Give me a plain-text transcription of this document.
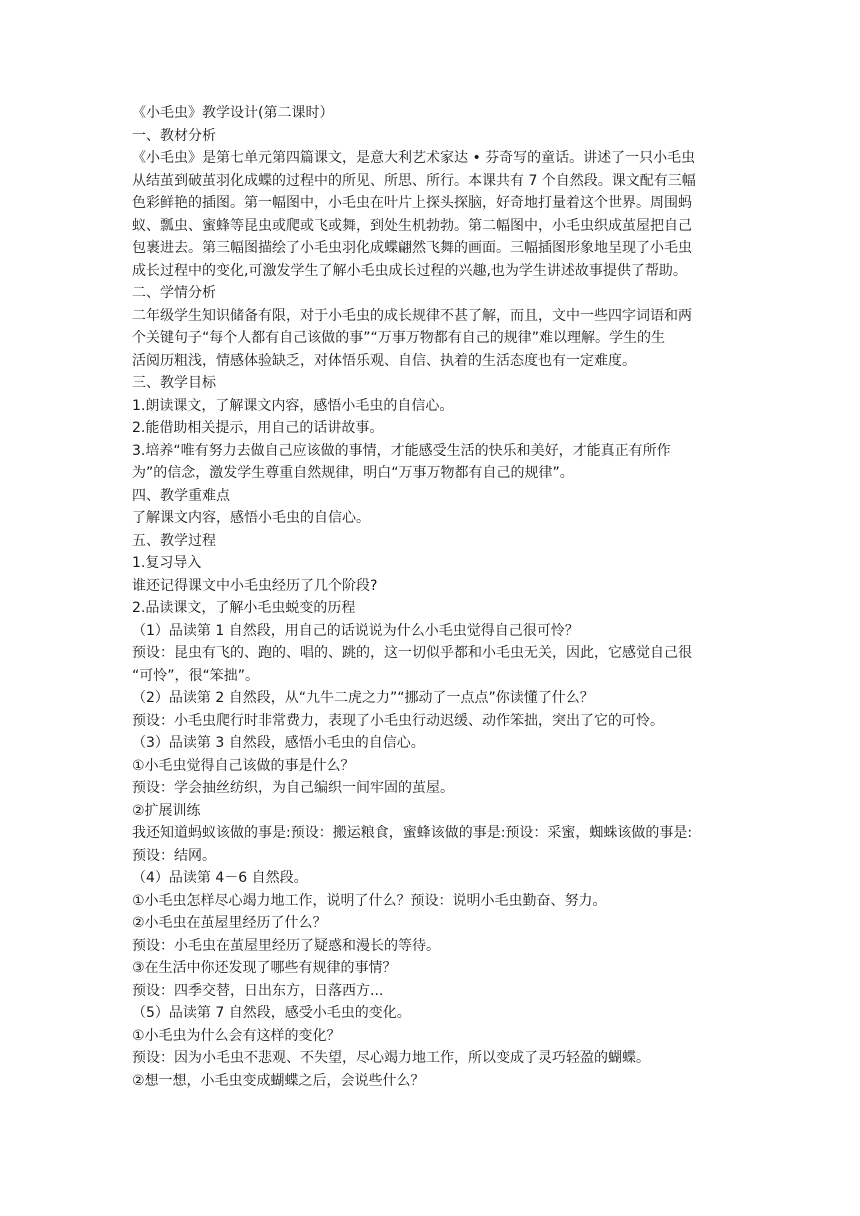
《小毛虫》教学设计(第二课时）
一、教材分析
《小毛虫》是第七单元第四篇课文，是意大利艺术家达 • 芬奇写的童话。讲述了一只小毛虫
从结茧到破茧羽化成蝶的过程中的所见、所思、所行。本课共有 7 个自然段。课文配有三幅
色彩鲜艳的插图。第一幅图中，小毛虫在叶片上探头探脑，好奇地打量着这个世界。周围蚂
蚁、瓢虫、蜜蜂等昆虫或爬或飞或舞，到处生机勃勃。第二幅图中，小毛虫织成茧屋把自己
包裹进去。第三幅图描绘了小毛虫羽化成蝶翩然飞舞的画面。三幅插图形象地呈现了小毛虫
成长过程中的变化,可激发学生了解小毛虫成长过程的兴趣,也为学生讲述故事提供了帮助。
二、学情分析
二年级学生知识储备有限，对于小毛虫的成长规律不甚了解，而且，文中一些四字词语和两
个关键句子“每个人都有自己该做的事”“万事万物都有自己的规律”难以理解。学生的生
活阅历粗浅，情感体验缺乏，对体悟乐观、自信、执着的生活态度也有一定难度。
三、教学目标
1.朗读课文，了解课文内容，感悟小毛虫的自信心。
2.能借助相关提示，用自己的话讲故事。
3.培养“唯有努力去做自己应该做的事情，才能感受生活的快乐和美好，才能真正有所作
为”的信念，激发学生尊重自然规律，明白“万事万物都有自己的规律”。
四、教学重难点
了解课文内容，感悟小毛虫的自信心。
五、教学过程
1.复习导入
谁还记得课文中小毛虫经历了几个阶段?
2.品读课文，了解小毛虫蜕变的历程
（1）品读第 1 自然段，用自己的话说说为什么小毛虫觉得自己很可怜？
预设：昆虫有飞的、跑的、唱的、跳的，这一切似乎都和小毛虫无关，因此，它感觉自己很
“可怜”，很“笨拙”。
（2）品读第 2 自然段，从“九牛二虎之力”“挪动了一点点”你读懂了什么？
预设：小毛虫爬行时非常费力，表现了小毛虫行动迟缓、动作笨拙，突出了它的可怜。
（3）品读第 3 自然段，感悟小毛虫的自信心。
①小毛虫觉得自己该做的事是什么？
预设：学会抽丝纺织，为自己编织一间牢固的茧屋。
②扩展训练
我还知道蚂蚁该做的事是:预设：搬运粮食，蜜蜂该做的事是:预设：采蜜，蜘蛛该做的事是:
预设：结网。
（4）品读第 4－6 自然段。
①小毛虫怎样尽心竭力地工作，说明了什么？预设：说明小毛虫勤奋、努力。
②小毛虫在茧屋里经历了什么？
预设：小毛虫在茧屋里经历了疑惑和漫长的等待。
③在生活中你还发现了哪些有规律的事情？
预设：四季交替，日出东方，日落西方...
（5）品读第 7 自然段，感受小毛虫的变化。
①小毛虫为什么会有这样的变化？
预设：因为小毛虫不悲观、不失望，尽心竭力地工作，所以变成了灵巧轻盈的蝴蝶。
②想一想，小毛虫变成蝴蝶之后，会说些什么？
